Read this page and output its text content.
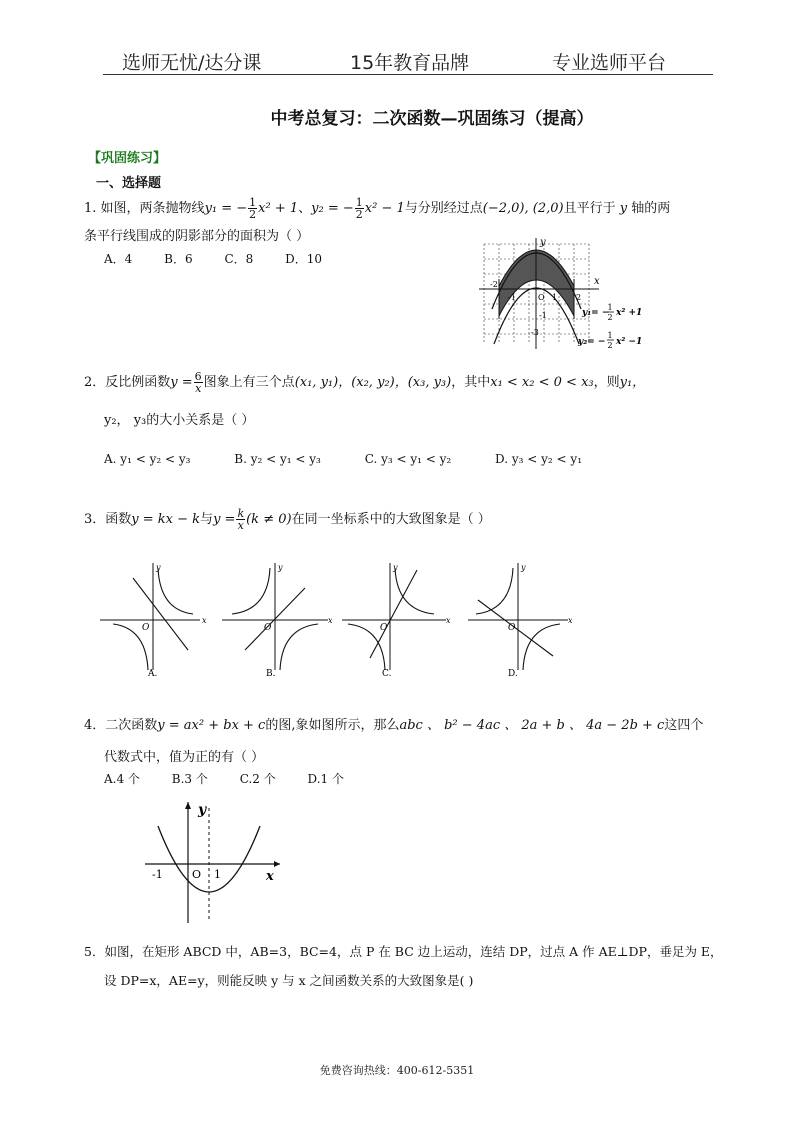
选师无忧/达分课	15年教育品牌	专业选师平台
中考总复习：二次函数—巩固练习（提高）
【巩固练习】
一、选择题
1. 如图，两条抛物线y₁ = − $\frac{1}{2} x^2 + 1$、y₂ = − $\frac{1}{2} x^2 - 1$与分别经过点(−2,0), (2,0)且平行于 y 轴的两
条平行线围成的阴影部分的面积为（ ）
A．4	B．6	C．8	D．10
x
y
-2
-1	O 1 2
-1
-3
y₁= −
1
2 x² +1
y₂= −
1
2 x² −1
2．反比例函数$y = \frac{6}{x}$ 图象上有三个点(x₁, y₁)，(x₂, y₂)，(x₃, y₃)，其中x₁ < x₂ < 0 < x₃，则y₁，
y₂， y₃的大小关系是（ ）
A. y₁ < y₂ < y₃	B. y₂ < y₁ < y₃	C. y₃ < y₁ < y₂	D. y₃ < y₂ < y₁
3．函数y = kx − k与$y = \frac{k}{x} (k \ne 0)$在同一坐标系中的大致图象是（ ）
y
x
O
A.
y
x
O
B.
y
x
O
C.
y
x
O
D.
4．二次函数y = ax² + bx + c的图,象如图所示，那么abc 、 b² − 4ac 、 2a + b 、 4a − 2b + c这四个
代数式中，值为正的有（ ）
A.4 个	B.3 个	C.2 个	D.1 个
y
x
-1	O 1
5．如图，在矩形 ABCD 中，AB=3，BC=4，点 P 在 BC 边上运动，连结 DP，过点 A 作 AE⊥DP，垂足为 E，
设 DP=x，AE=y，则能反映 y 与 x 之间函数关系的大致图象是( )
免费咨询热线：400-612-5351
